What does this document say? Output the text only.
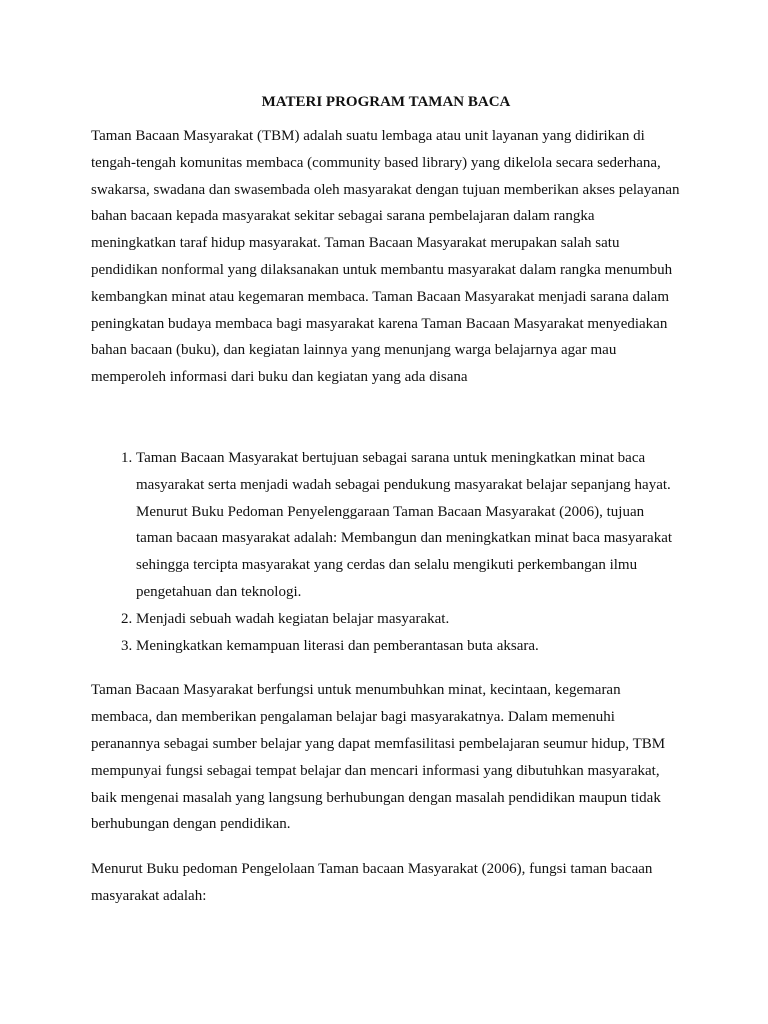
MATERI PROGRAM TAMAN BACA

Taman Bacaan Masyarakat (TBM) adalah suatu lembaga atau unit layanan yang didirikan di tengah-tengah komunitas membaca (community based library) yang dikelola secara sederhana, swakarsa, swadana dan swasembada oleh masyarakat dengan tujuan memberikan akses pelayanan bahan bacaan kepada masyarakat sekitar sebagai sarana pembelajaran dalam rangka meningkatkan taraf hidup masyarakat. Taman Bacaan Masyarakat merupakan salah satu pendidikan nonformal yang dilaksanakan untuk membantu masyarakat dalam rangka menumbuh kembangkan minat atau kegemaran membaca. Taman Bacaan Masyarakat menjadi sarana dalam peningkatan budaya membaca bagi masyarakat karena Taman Bacaan Masyarakat menyediakan bahan bacaan (buku), dan kegiatan lainnya yang menunjang warga belajarnya agar mau memperoleh informasi dari buku dan kegiatan yang ada disana

1. Taman Bacaan Masyarakat bertujuan sebagai sarana untuk meningkatkan minat baca masyarakat serta menjadi wadah sebagai pendukung masyarakat belajar sepanjang hayat. Menurut Buku Pedoman Penyelenggaraan Taman Bacaan Masyarakat (2006), tujuan taman bacaan masyarakat adalah: Membangun dan meningkatkan minat baca masyarakat sehingga tercipta masyarakat yang cerdas dan selalu mengikuti perkembangan ilmu pengetahuan dan teknologi.
2. Menjadi sebuah wadah kegiatan belajar masyarakat.
3. Meningkatkan kemampuan literasi dan pemberantasan buta aksara.

Taman Bacaan Masyarakat berfungsi untuk menumbuhkan minat, kecintaan, kegemaran membaca, dan memberikan pengalaman belajar bagi masyarakatnya. Dalam memenuhi peranannya sebagai sumber belajar yang dapat memfasilitasi pembelajaran seumur hidup, TBM mempunyai fungsi sebagai tempat belajar dan mencari informasi yang dibutuhkan masyarakat, baik mengenai masalah yang langsung berhubungan dengan masalah pendidikan maupun tidak berhubungan dengan pendidikan.

Menurut Buku pedoman Pengelolaan Taman bacaan Masyarakat (2006), fungsi taman bacaan masyarakat adalah:
